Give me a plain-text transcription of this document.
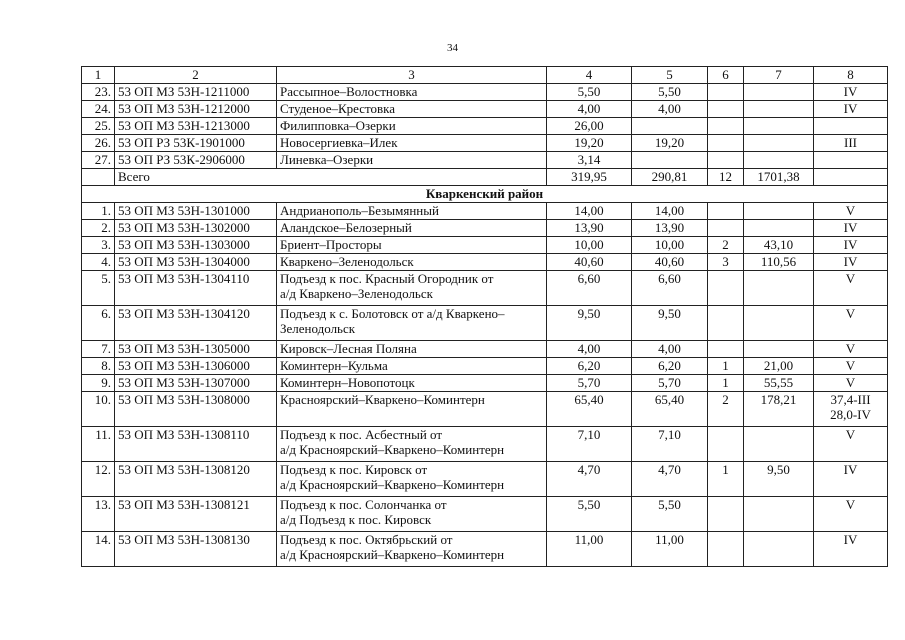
34
1	2	3	4	5	6	7	8
23.	53 ОП МЗ 53Н-1211000	Рассыпное–Волостновка	5,50	5,50			IV
24.	53 ОП МЗ 53Н-1212000	Студеное–Крестовка	4,00	4,00			IV
25.	53 ОП МЗ 53Н-1213000	Филипповка–Озерки	26,00				
26.	53 ОП РЗ 53К-1901000	Новосергиевка–Илек	19,20	19,20			III
27.	53 ОП РЗ 53К-2906000	Линевка–Озерки	3,14				
	Всего		319,95	290,81	12	1701,38	
Кваркенский район							
1.	53 ОП МЗ 53Н-1301000	Андрианополь–Безымянный	14,00	14,00			V

2.	53 ОП МЗ 53Н-1302000	Аландское–Белозерный	13,90	13,90			IV

3.	53 ОП МЗ 53Н-1303000	Бриент–Просторы	10,00	10,00	2	43,10	IV

4.	53 ОП МЗ 53Н-1304000	Кваркено–Зеленодольск	40,60	40,60	3	110,56	IV

5.	53 ОП МЗ 53Н-1304110	Подъезд к пос. Красный Огородник от
а/д Кваркено–Зеленодольск	6,60	6,60			V

6.	53 ОП МЗ 53Н-1304120	Подъезд к с. Болотовск от а/д Кваркено–
Зеленодольск	9,50	9,50			V

7.	53 ОП МЗ 53Н-1305000	Кировск–Лесная Поляна	4,00	4,00			V

8.	53 ОП МЗ 53Н-1306000	Коминтерн–Кульма	6,20	6,20	1	21,00	V

9.	53 ОП МЗ 53Н-1307000	Коминтерн–Новопотоцк	5,70	5,70	1	55,55	V

10.	53 ОП МЗ 53Н-1308000	Красноярский–Кваркено–Коминтерн	65,40	65,40	2	178,21	37,4-III
28,0-IV

11.	53 ОП МЗ 53Н-1308110	Подъезд к пос. Асбестный от
а/д Красноярский–Кваркено–Коминтерн	7,10	7,10			V

12.	53 ОП МЗ 53Н-1308120	Подъезд к пос. Кировск от
а/д Красноярский–Кваркено–Коминтерн	4,70	4,70	1	9,50	IV

13.	53 ОП МЗ 53Н-1308121	Подъезд к пос. Солончанка от
а/д Подъезд к пос. Кировск	5,50	5,50			V

14.	53 ОП МЗ 53Н-1308130	Подъезд к пос. Октябрьский от
а/д Красноярский–Кваркено–Коминтерн	11,00	11,00			IV
